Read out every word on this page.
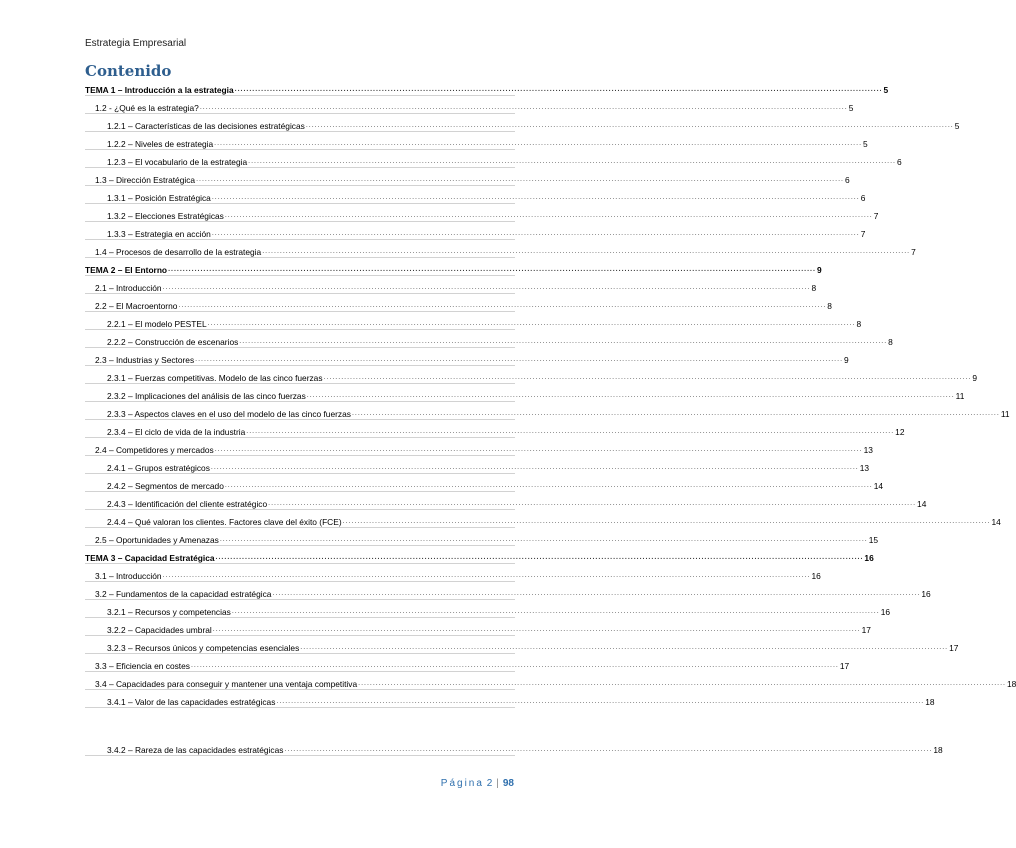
Estrategia Empresarial
Contenido
TEMA 1 – Introducción a la estrategia ............................................................................................................................................................................................................................ 5
1.2 - ¿Qué es la estrategia? ............................................................................................................................................................................................................................ 5
1.2.1 – Características de las decisiones estratégicas ............................................................................................................................................................................................................................ 5
1.2.2 – Niveles de estrategia ............................................................................................................................................................................................................................ 5
1.2.3 – El vocabulario de la estrategia ............................................................................................................................................................................................................................ 6
1.3 – Dirección Estratégica ............................................................................................................................................................................................................................ 6
1.3.1 – Posición Estratégica ............................................................................................................................................................................................................................ 6
1.3.2 – Elecciones Estratégicas ............................................................................................................................................................................................................................ 7
1.3.3 – Estrategia en acción ............................................................................................................................................................................................................................ 7
1.4 – Procesos de desarrollo de la estrategia ............................................................................................................................................................................................................................ 7
TEMA 2 – El Entorno ............................................................................................................................................................................................................................ 9
2.1 – Introducción ............................................................................................................................................................................................................................ 8
2.2 – El Macroentorno ............................................................................................................................................................................................................................ 8
2.2.1 – El modelo PESTEL ............................................................................................................................................................................................................................ 8
2.2.2 – Construcción de escenarios ............................................................................................................................................................................................................................ 8
2.3 – Industrias y Sectores ............................................................................................................................................................................................................................ 9
2.3.1 – Fuerzas competitivas. Modelo de las cinco fuerzas ............................................................................................................................................................................................................................ 9
2.3.2 – Implicaciones del análisis de las cinco fuerzas ............................................................................................................................................................................................................................ 11
2.3.3 – Aspectos claves en el uso del modelo de las cinco fuerzas ............................................................................................................................................................................................................................ 11
2.3.4 – El ciclo de vida de la industria ............................................................................................................................................................................................................................ 12
2.4 – Competidores y mercados ............................................................................................................................................................................................................................ 13
2.4.1 – Grupos estratégicos ............................................................................................................................................................................................................................ 13
2.4.2 – Segmentos de mercado ............................................................................................................................................................................................................................ 14
2.4.3 – Identificación del cliente estratégico ............................................................................................................................................................................................................................ 14
2.4.4 – Qué valoran los clientes. Factores clave del éxito (FCE) ............................................................................................................................................................................................................................ 14
2.5 – Oportunidades y Amenazas ............................................................................................................................................................................................................................ 15
TEMA 3 – Capacidad Estratégica ............................................................................................................................................................................................................................ 16
3.1 – Introducción ............................................................................................................................................................................................................................ 16
3.2 – Fundamentos de la capacidad estratégica ............................................................................................................................................................................................................................ 16
3.2.1 – Recursos y competencias ............................................................................................................................................................................................................................ 16
3.2.2 – Capacidades umbral ............................................................................................................................................................................................................................ 17
3.2.3 – Recursos únicos y competencias esenciales ............................................................................................................................................................................................................................ 17
3.3 – Eficiencia en costes ............................................................................................................................................................................................................................ 17
3.4 – Capacidades para conseguir y mantener una ventaja competitiva ............................................................................................................................................................................................................................ 18
3.4.1 – Valor de las capacidades estratégicas ............................................................................................................................................................................................................................ 18
3.4.2 – Rareza de las capacidades estratégicas ............................................................................................................................................................................................................................ 18
Página 2 | 98
